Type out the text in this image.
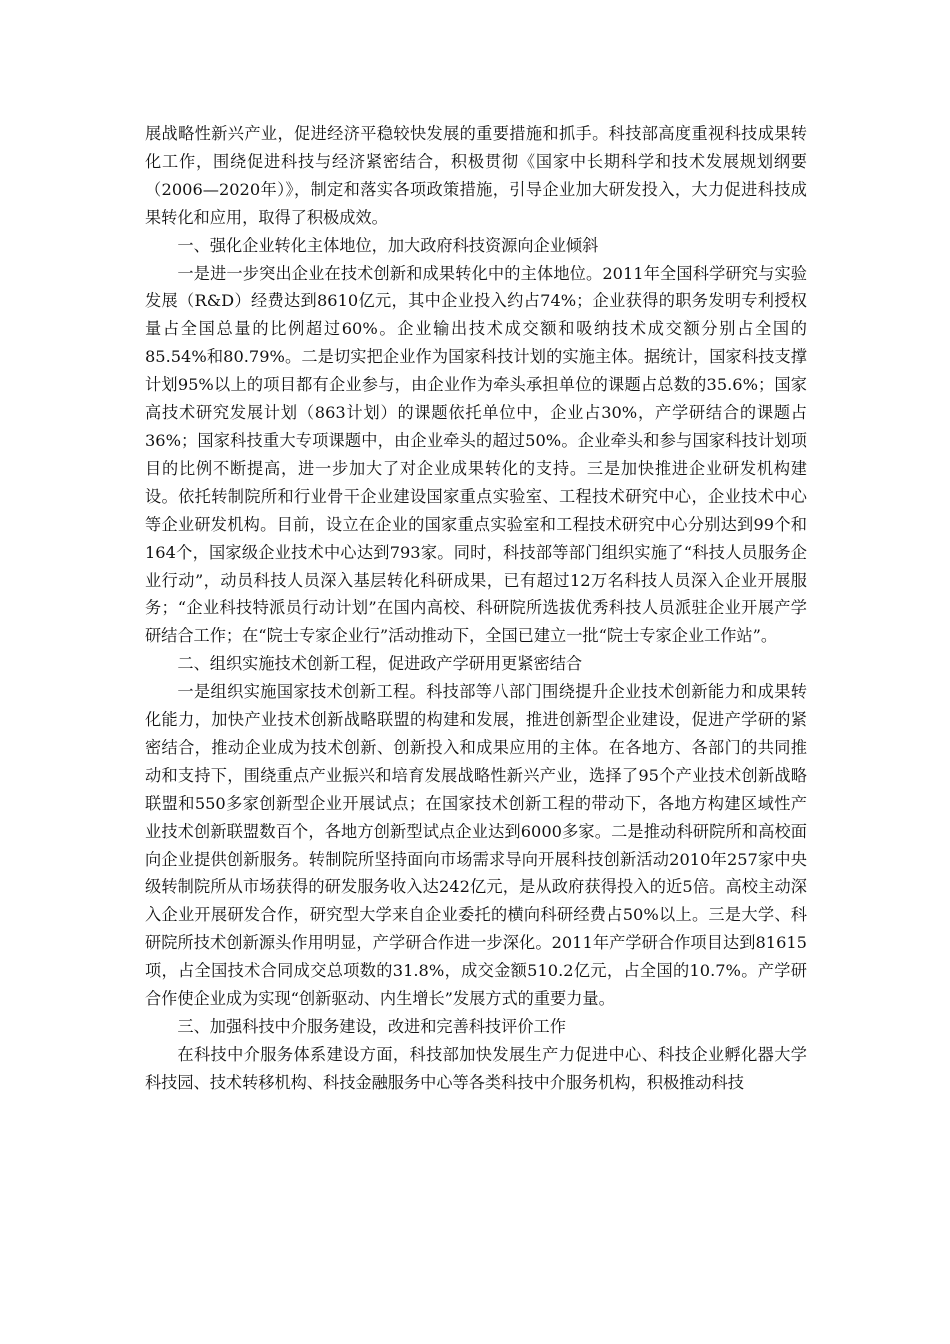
展战略性新兴产业，促进经济平稳较快发展的重要措施和抓手。科技部高度重视科技成果转化工作，围绕促进科技与经济紧密结合，积极贯彻《国家中长期科学和技术发展规划纲要（2006—2020年）》，制定和落实各项政策措施，引导企业加大研发投入，大力促进科技成果转化和应用，取得了积极成效。

一、强化企业转化主体地位，加大政府科技资源向企业倾斜

一是进一步突出企业在技术创新和成果转化中的主体地位。2011年全国科学研究与实验发展（R&D）经费达到8610亿元，其中企业投入约占74%；企业获得的职务发明专利授权量占全国总量的比例超过60%。企业输出技术成交额和吸纳技术成交额分别占全国的85.54%和80.79%。二是切实把企业作为国家科技计划的实施主体。据统计，国家科技支撑计划95%以上的项目都有企业参与，由企业作为牵头承担单位的课题占总数的35.6%；国家高技术研究发展计划（863计划）的课题依托单位中，企业占30%，产学研结合的课题占36%；国家科技重大专项课题中，由企业牵头的超过50%。企业牵头和参与国家科技计划项目的比例不断提高，进一步加大了对企业成果转化的支持。三是加快推进企业研发机构建设。依托转制院所和行业骨干企业建设国家重点实验室、工程技术研究中心，企业技术中心等企业研发机构。目前，设立在企业的国家重点实验室和工程技术研究中心分别达到99个和164个，国家级企业技术中心达到793家。同时，科技部等部门组织实施了“科技人员服务企业行动”，动员科技人员深入基层转化科研成果，已有超过12万名科技人员深入企业开展服务；“企业科技特派员行动计划”在国内高校、科研院所选拔优秀科技人员派驻企业开展产学研结合工作；在“院士专家企业行”活动推动下，全国已建立一批“院士专家企业工作站”。

二、组织实施技术创新工程，促进政产学研用更紧密结合

一是组织实施国家技术创新工程。科技部等八部门围绕提升企业技术创新能力和成果转化能力，加快产业技术创新战略联盟的构建和发展，推进创新型企业建设，促进产学研的紧密结合，推动企业成为技术创新、创新投入和成果应用的主体。在各地方、各部门的共同推动和支持下，围绕重点产业振兴和培育发展战略性新兴产业，选择了95个产业技术创新战略联盟和550多家创新型企业开展试点；在国家技术创新工程的带动下，各地方构建区域性产业技术创新联盟数百个，各地方创新型试点企业达到6000多家。二是推动科研院所和高校面向企业提供创新服务。转制院所坚持面向市场需求导向开展科技创新活动2010年257家中央级转制院所从市场获得的研发服务收入达242亿元，是从政府获得投入的近5倍。高校主动深入企业开展研发合作，研究型大学来自企业委托的横向科研经费占50%以上。三是大学、科研院所技术创新源头作用明显，产学研合作进一步深化。2011年产学研合作项目达到81615项，占全国技术合同成交总项数的31.8%，成交金额510.2亿元，占全国的10.7%。产学研合作使企业成为实现“创新驱动、内生增长”发展方式的重要力量。

三、加强科技中介服务建设，改进和完善科技评价工作

在科技中介服务体系建设方面，科技部加快发展生产力促进中心、科技企业孵化器大学科技园、技术转移机构、科技金融服务中心等各类科技中介服务机构，积极推动科技
